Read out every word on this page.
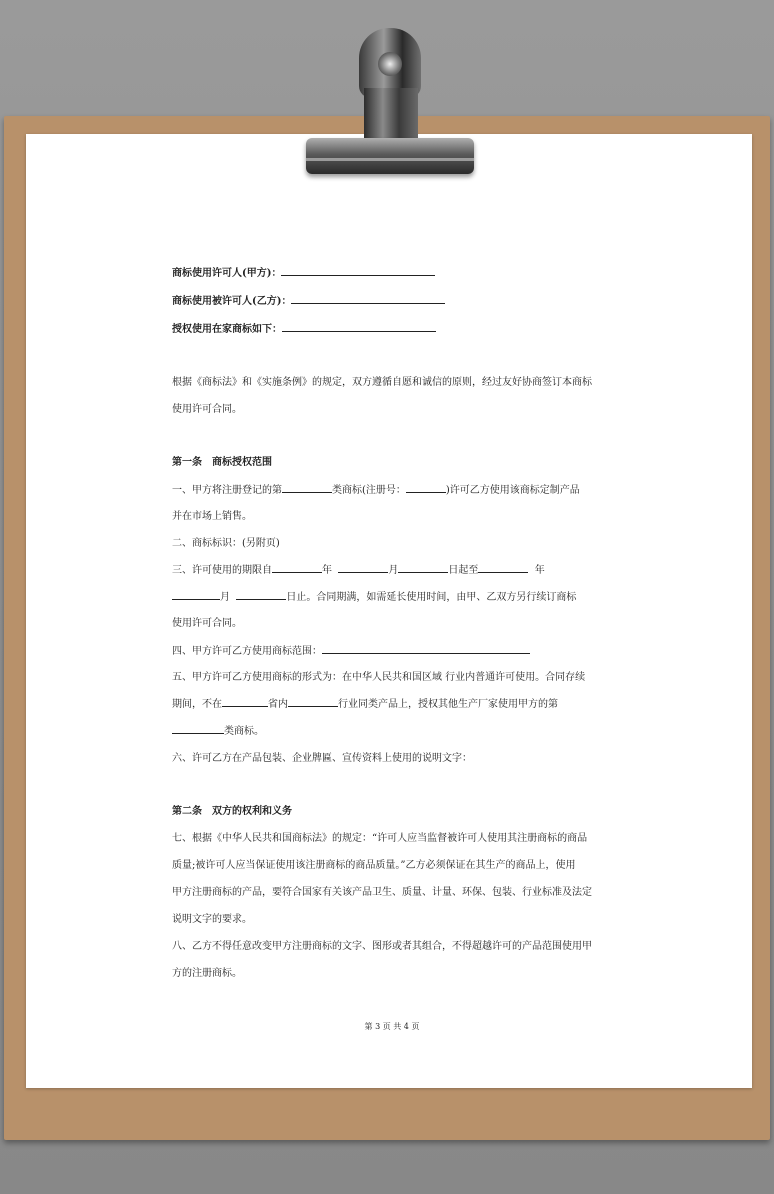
商标使用许可人(甲方)：
商标使用被许可人(乙方)：
授权使用在家商标如下：
根据《商标法》和《实施条例》的规定，双方遵循自愿和诚信的原则，经过友好协商签订本商标
使用许可合同。
第一条　商标授权范围
一、甲方将注册登记的第	类商标(注册号：	)许可乙方使用该商标定制产品
并在市场上销售。
二、商标标识：(另附页)
三、许可使用的期限自	年	月	日起至	年
月	日止。合同期满，如需延长使用时间，由甲、乙双方另行续订商标
使用许可合同。
四、甲方许可乙方使用商标范围：
五、甲方许可乙方使用商标的形式为：在中华人民共和国区域 行业内普通许可使用。合同存续
期间，不在	省内	行业同类产品上，授权其他生产厂家使用甲方的第
类商标。
六、许可乙方在产品包装、企业牌匾、宣传资料上使用的说明文字：
第二条　双方的权利和义务
七、根据《中华人民共和国商标法》的规定：“许可人应当监督被许可人使用其注册商标的商品
质量;被许可人应当保证使用该注册商标的商品质量。”乙方必须保证在其生产的商品上，使用
甲方注册商标的产品，要符合国家有关该产品卫生、质量、计量、环保、包装、行业标准及法定
说明文字的要求。
八、乙方不得任意改变甲方注册商标的文字、图形或者其组合，不得超越许可的产品范围使用甲
方的注册商标。
第 3 页 共 4 页
